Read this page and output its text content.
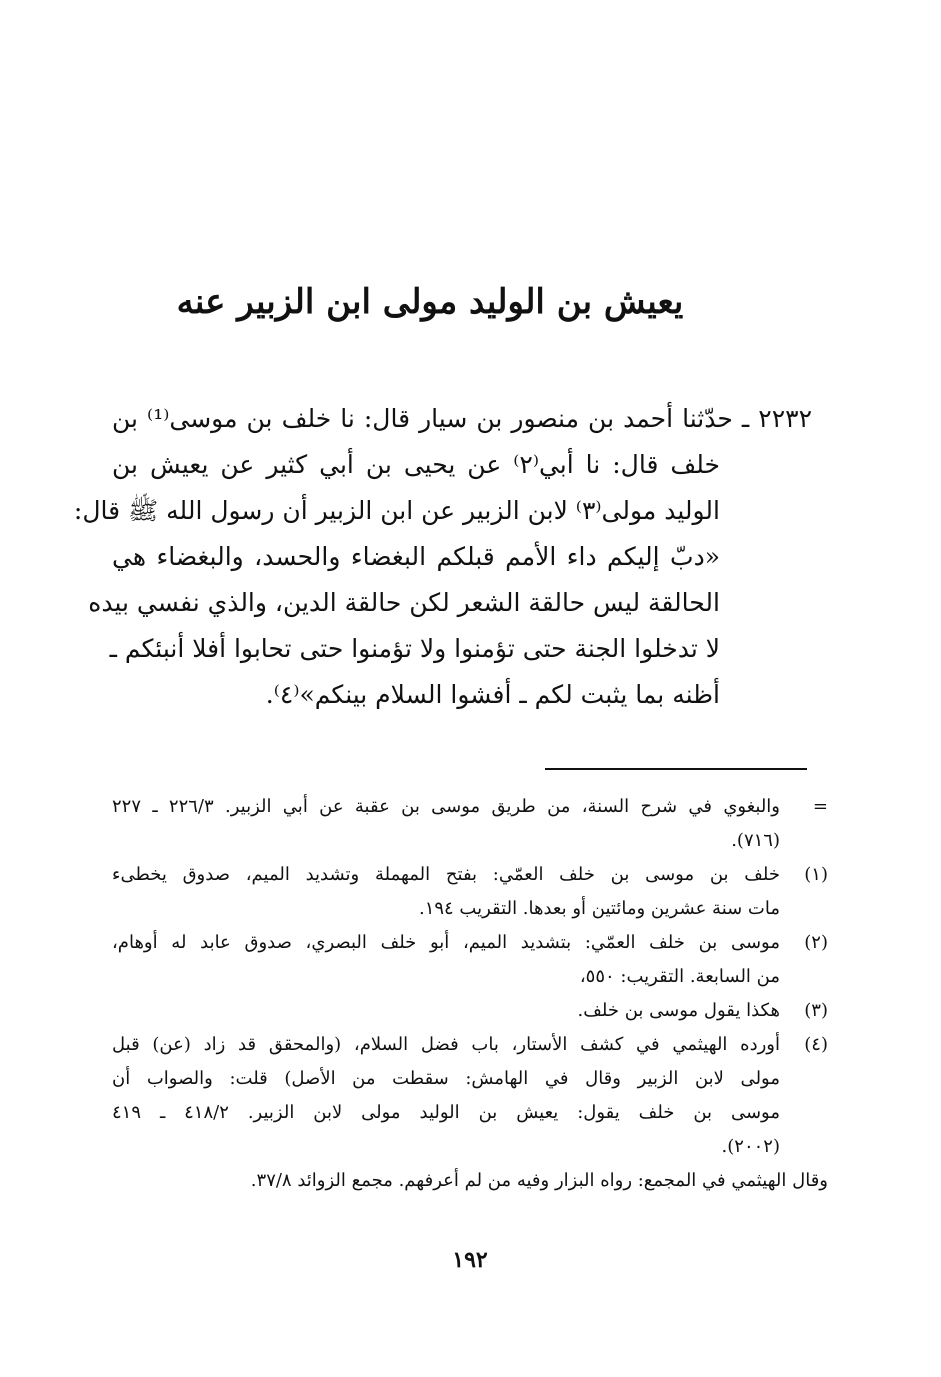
يعيش بن الوليد مولى ابن الزبير عنه
٢٢٣٢ ـ حدّثنا أحمد بن منصور بن سيار قال: نا خلف بن موسى⁽¹⁾ بن
خلف قال: نا أبي⁽٢⁾ عن يحيى بن أبي كثير عن يعيش بن
الوليد مولى⁽٣⁾ لابن الزبير عن ابن الزبير أن رسول الله ﷺ قال:
«دبّ إليكم داء الأمم قبلكم البغضاء والحسد، والبغضاء هي
الحالقة ليس حالقة الشعر لكن حالقة الدين، والذي نفسي بيده
لا تدخلوا الجنة حتى تؤمنوا ولا تؤمنوا حتى تحابوا أفلا أنبئكم ـ
أظنه بما يثبت لكم ـ أفشوا السلام بينكم»⁽٤⁾.
=
والبغوي في شرح السنة، من طريق موسى بن عقبة عن أبي الزبير. ٢٢٦/٣ ـ ٢٢٧
(٧١٦).
(١)
خلف بن موسى بن خلف العمّي: بفتح المهملة وتشديد الميم، صدوق يخطىء
مات سنة عشرين ومائتين أو بعدها. التقريب ١٩٤.
(٢)
موسى بن خلف العمّي: بتشديد الميم، أبو خلف البصري، صدوق عابد له أوهام،
من السابعة. التقريب: ٥٥٠،
(٣)
هكذا يقول موسى بن خلف.
(٤)
أورده الهيثمي في كشف الأستار، باب فضل السلام، (والمحقق قد زاد (عن) قبل
مولى لابن الزبير وقال في الهامش: سقطت من الأصل) قلت: والصواب أن
موسى بن خلف يقول: يعيش بن الوليد مولى لابن الزبير. ٤١٨/٢ ـ ٤١٩
(٢٠٠٢).
وقال الهيثمي في المجمع: رواه البزار وفيه من لم أعرفهم. مجمع الزوائد ٣٧/٨.
١٩٢
